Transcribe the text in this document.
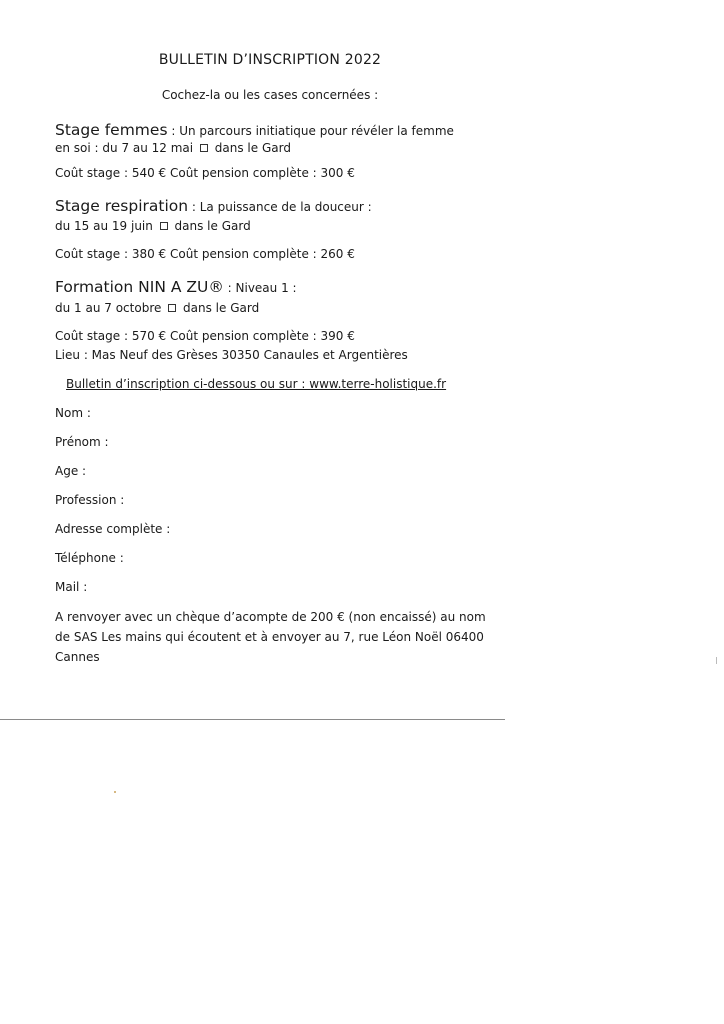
BULLETIN D’INSCRIPTION 2022
Cochez-la ou les cases concernées :
Stage femmes : Un parcours initiatique pour révéler la femme
en soi : du 7 au 12 mai dans le Gard
Coût stage : 540 € Coût pension complète : 300 €
Stage respiration : La puissance de la douceur :
du 15 au 19 juin dans le Gard
Coût stage : 380 € Coût pension complète : 260 €
Formation NIN A ZU® : Niveau 1 :
du 1 au 7 octobre dans le Gard
Coût stage : 570 € Coût pension complète : 390 €
Lieu : Mas Neuf des Grèses 30350 Canaules et Argentières
Bulletin d’inscription ci-dessous ou sur : www.terre-holistique.fr
Nom :
Prénom :
Age :
Profession :
Adresse complète :
Téléphone :
Mail :
A renvoyer avec un chèque d’acompte de 200 € (non encaissé) au nom de SAS Les mains qui écoutent et à envoyer au 7, rue Léon Noël 06400 Cannes
